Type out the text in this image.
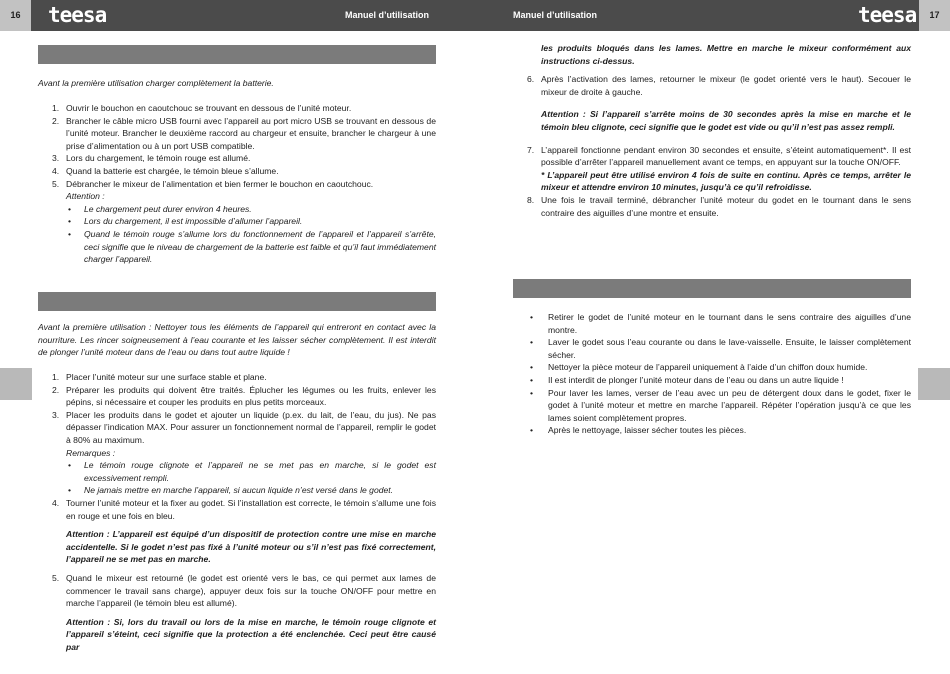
16	17
teesa	teesa
Manuel d’utilisation	Manuel d’utilisation
Avant la première utilisation charger complètement la batterie.
1. Ouvrir le bouchon en caoutchouc se trouvant en dessous de l’unité moteur.
2. Brancher le câble micro USB fourni avec l’appareil au port micro USB se trouvant en dessous de l’unité moteur. Brancher le deuxième raccord au chargeur et ensuite, brancher le chargeur à une prise d’alimentation ou à un port USB compatible.
3. Lors du chargement, le témoin rouge est allumé.
4. Quand la batterie est chargée, le témoin bleue s’allume.
5. Débrancher le mixeur de l’alimentation et bien fermer le bouchon en caoutchouc.
Attention :
• Le chargement peut durer environ 4 heures.
• Lors du chargement, il est impossible d’allumer l’appareil.
• Quand le témoin rouge s’allume lors du fonctionnement de l’appareil et l’appareil s’arrête, ceci signifie que le niveau de chargement de la batterie est faible et qu’il faut immédiatement charger l’appareil.
Avant la première utilisation : Nettoyer tous les éléments de l’appareil qui entreront en contact avec la nourriture. Les rincer soigneusement à l’eau courante et les laisser sécher complètement. Il est interdit de plonger l’unité moteur dans de l’eau ou dans tout autre liquide !
1. Placer l’unité moteur sur une surface stable et plane.
2. Préparer les produits qui doivent être traités. Éplucher les légumes ou les fruits, enlever les pépins, si nécessaire et couper les produits en plus petits morceaux.
3. Placer les produits dans le godet et ajouter un liquide (p.ex. du lait, de l’eau, du jus). Ne pas dépasser l’indication MAX. Pour assurer un fonctionnement normal de l’appareil, remplir le godet à 80% au maximum.
Remarques :
• Le témoin rouge clignote et l’appareil ne se met pas en marche, si le godet est excessivement rempli.
• Ne jamais mettre en marche l’appareil, si aucun liquide n’est versé dans le godet.
4. Tourner l’unité moteur et la fixer au godet. Si l’installation est correcte, le témoin s’allume une fois en rouge et une fois en bleu.
Attention : L’appareil est équipé d’un dispositif de protection contre une mise en marche accidentelle. Si le godet n’est pas fixé à l’unité moteur ou s’il n’est pas fixé correctement, l’appareil ne se met pas en marche.
5. Quand le mixeur est retourné (le godet est orienté vers le bas, ce qui permet aux lames de commencer le travail sans charge), appuyer deux fois sur la touche ON/OFF pour mettre en marche l’appareil (le témoin bleu est allumé).
Attention : Si, lors du travail ou lors de la mise en marche, le témoin rouge clignote et l’appareil s’éteint, ceci signifie que la protection a été enclenchée. Ceci peut être causé par
les produits bloqués dans les lames. Mettre en marche le mixeur conformément aux instructions ci-dessus.
6. Après l’activation des lames, retourner le mixeur (le godet orienté vers le haut). Secouer le mixeur de droite à gauche.
Attention : Si l’appareil s’arrête moins de 30 secondes après la mise en marche et le témoin bleu clignote, ceci signifie que le godet est vide ou qu’il n’est pas assez rempli.
7. L’appareil fonctionne pendant environ 30 secondes et ensuite, s’éteint automatiquement*. Il est possible d’arrêter l’appareil manuellement avant ce temps, en appuyant sur la touche ON/OFF.
* L’appareil peut être utilisé environ 4 fois de suite en continu. Après ce temps, arrêter le mixeur et attendre environ 10 minutes, jusqu’à ce qu’il refroidisse.
8. Une fois le travail terminé, débrancher l’unité moteur du godet en le tournant dans le sens contraire des aiguilles d’une montre et ensuite.
• Retirer le godet de l’unité moteur en le tournant dans le sens contraire des aiguilles d’une montre.
• Laver le godet sous l’eau courante ou dans le lave-vaisselle. Ensuite, le laisser complètement sécher.
• Nettoyer la pièce moteur de l’appareil uniquement à l’aide d’un chiffon doux humide.
• Il est interdit de plonger l’unité moteur dans de l’eau ou dans un autre liquide !
• Pour laver les lames, verser de l’eau avec un peu de détergent doux dans le godet, fixer le godet à l’unité moteur et mettre en marche l’appareil. Répéter l’opération jusqu’à ce que les lames soient complètement propres.
• Après le nettoyage, laisser sécher toutes les pièces.
